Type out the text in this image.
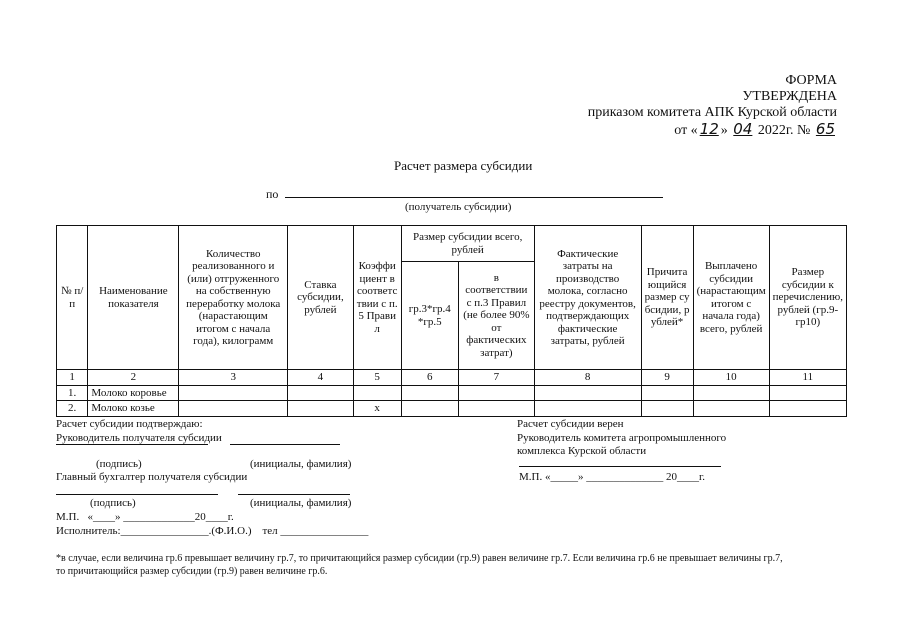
ФОРМА
УТВЕРЖДЕНА
приказом комитета АПК Курской области
от « 12 » 04 2022г. № 65
Расчет размера субсидии
по
(получатель субсидии)
№ п/п	Наименование показателя	Количество реализованного и (или) отгруженного на собственную переработку молока (нарастающим итогом с начала года), килограмм	Ставка субсидии, рублей	Коэффициент в соответствии с п.5 Правил	Размер субсидии всего, рублей		Фактические затраты на производство молока, согласно реестру документов, подтверждающих фактические затраты, рублей	Причитающийся размер субсидии, рублей*	Выплачено субсидии (нарастающим итогом с начала года) всего, рублей	Размер субсидии к перечислению, рублей (гр.9-гр10)
					гр.3*гр.4 *гр.5	в соответствии с п.3 Правил (не более 90% от фактических затрат)				
1	2	3	4	5	6	7	8	9	10	11
1.	Молоко коровье									
2.	Молоко козье			х						
Расчет субсидии подтверждаю:
Руководитель получателя субсидии
(подпись)	(инициалы, фамилия)
Главный бухгалтер получателя субсидии
(подпись)	(инициалы, фамилия)
М.П.   «____» _____________20____г.
Исполнитель:________________.(Ф.И.О.)    тел ________________
Расчет субсидии верен
Руководитель комитета агропромышленного
комплекса Курской области
М.П. «_____» ______________ 20____г.
*в случае, если величина гр.6 превышает величину гр.7, то причитающийся размер субсидии (гр.9) равен величине гр.7. Если величина гр.6 не превышает величины гр.7,
то причитающийся размер субсидии (гр.9) равен величине гр.6.
